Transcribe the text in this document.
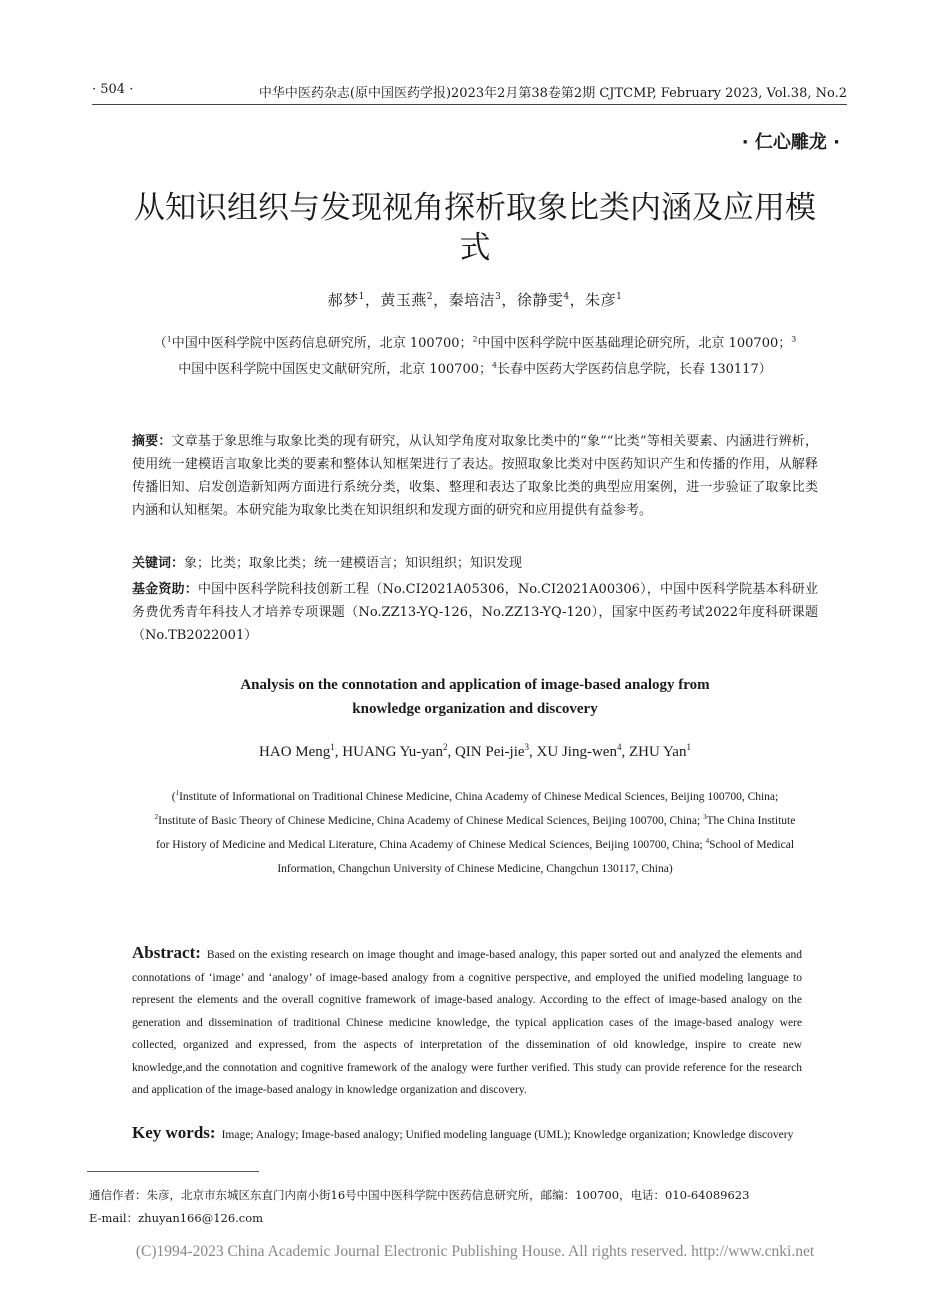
· 504 ·	中华中医药杂志(原中国医药学报)2023年2月第38卷第2期 CJTCMP, February 2023, Vol.38, No.2
· 仁心雕龙 ·
从知识组织与发现视角探析取象比类内涵及应用模式
郝梦$^1$，黄玉燕$^2$，秦培洁$^3$，徐静雯$^4$，朱彦$^1$
（$^1$中国中医科学院中医药信息研究所，北京 100700；$^2$中国中医科学院中医基础理论研究所，北京 100700；$^3$中国中医科学院中国医史文献研究所，北京 100700；$^4$长春中医药大学医药信息学院，长春 130117）
摘要：文章基于象思维与取象比类的现有研究，从认知学角度对取象比类中的“象”“比类”等相关要素、内涵进行辨析，使用统一建模语言取象比类的要素和整体认知框架进行了表达。按照取象比类对中医药知识产生和传播的作用，从解释传播旧知、启发创造新知两方面进行系统分类，收集、整理和表达了取象比类的典型应用案例，进一步验证了取象比类内涵和认知框架。本研究能为取象比类在知识组织和发现方面的研究和应用提供有益参考。
关键词：象；比类；取象比类；统一建模语言；知识组织；知识发现
基金资助：中国中医科学院科技创新工程（No.CI2021A05306，No.CI2021A00306），中国中医科学院基本科研业务费优秀青年科技人才培养专项课题（No.ZZ13-YQ-126，No.ZZ13-YQ-120），国家中医药考试2022年度科研课题（No.TB2022001）
Analysis on the connotation and application of image-based analogy from
knowledge organization and discovery
HAO Meng$^1$, HUANG Yu-yan$^2$, QIN Pei-jie$^3$, XU Jing-wen$^4$, ZHU Yan$^1$
($^1$Institute of Informational on Traditional Chinese Medicine, China Academy of Chinese Medical Sciences, Beijing 100700, China; $^2$Institute of Basic Theory of Chinese Medicine, China Academy of Chinese Medical Sciences, Beijing 100700, China; $^3$The China Institute for History of Medicine and Medical Literature, China Academy of Chinese Medical Sciences, Beijing 100700, China; $^4$School of Medical Information, Changchun University of Chinese Medicine, Changchun 130117, China)
Abstract: Based on the existing research on image thought and image-based analogy, this paper sorted out and analyzed the elements and connotations of ‘image’ and ‘analogy’ of image-based analogy from a cognitive perspective, and employed the unified modeling language to represent the elements and the overall cognitive framework of image-based analogy. According to the effect of image-based analogy on the generation and dissemination of traditional Chinese medicine knowledge, the typical application cases of the image-based analogy were collected, organized and expressed, from the aspects of interpretation of the dissemination of old knowledge, inspire to create new knowledge,and the connotation and cognitive framework of the analogy were further verified. This study can provide reference for the research and application of the image-based analogy in knowledge organization and discovery.
Key words: Image; Analogy; Image-based analogy; Unified modeling language (UML); Knowledge organization; Knowledge discovery
通信作者：朱彦，北京市东城区东直门内南小街16号中国中医科学院中医药信息研究所，邮编：100700，电话：010-64089623
E-mail：zhuyan166@126.com
(C)1994-2023 China Academic Journal Electronic Publishing House. All rights reserved. http://www.cnki.net
